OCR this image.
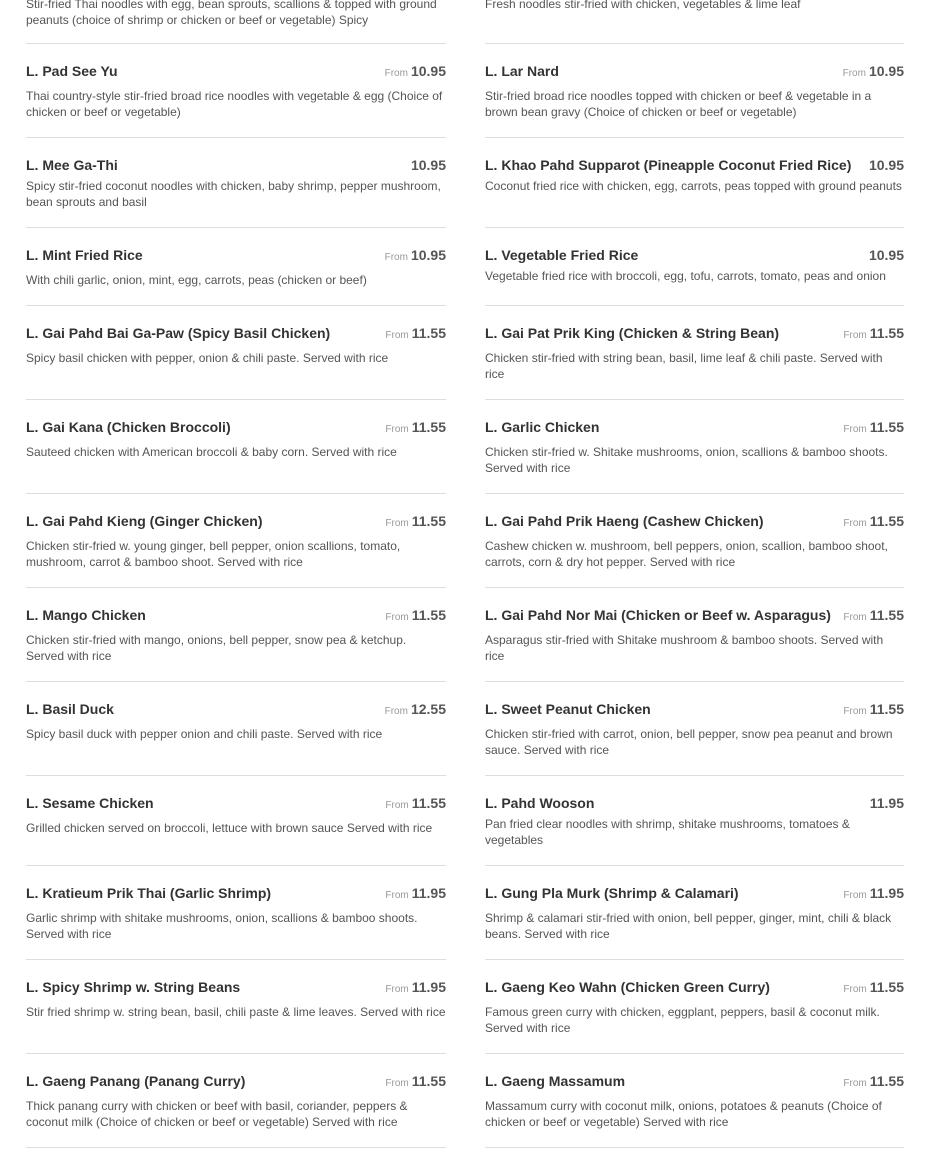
Stir-fried Thai noodles with egg, bean sprouts, scallions & topped with ground peanuts (choice of shrimp or chicken or beef or vegetable) Spicy
Fresh noodles stir-fried with chicken, vegetables & lime leaf
L. Pad See Yu	From 10.95
Thai country-style stir-fried broad rice noodles with vegetable & egg (Choice of chicken or beef or vegetable)
L. Lar Nard	From 10.95
Stir-fried broad rice noodles topped with chicken or beef & vegetable in a brown bean gravy (Choice of chicken or beef or vegetable)
L. Mee Ga-Thi	10.95
Spicy stir-fried coconut noodles with chicken, baby shrimp, pepper mushroom, bean sprouts and basil
L. Khao Pahd Supparot (Pineapple Coconut Fried Rice)	10.95
Coconut fried rice with chicken, egg, carrots, peas topped with ground peanuts
L. Mint Fried Rice	From 10.95
With chili garlic, onion, mint, egg, carrots, peas (chicken or beef)
L. Vegetable Fried Rice	10.95
Vegetable fried rice with broccoli, egg, tofu, carrots, tomato, peas and onion
L. Gai Pahd Bai Ga-Paw (Spicy Basil Chicken)	From 11.55
Spicy basil chicken with pepper, onion & chili paste. Served with rice
L. Gai Pat Prik King (Chicken & String Bean)	From 11.55
Chicken stir-fried with string bean, basil, lime leaf & chili paste. Served with rice
L. Gai Kana (Chicken Broccoli)	From 11.55
Sauteed chicken with American broccoli & baby corn. Served with rice
L. Garlic Chicken	From 11.55
Chicken stir-fried w. Shitake mushrooms, onion, scallions & bamboo shoots. Served with rice
L. Gai Pahd Kieng (Ginger Chicken)	From 11.55
Chicken stir-fried w. young ginger, bell pepper, onion scallions, tomato, mushroom, carrot & bamboo shoot. Served with rice
L. Gai Pahd Prik Haeng (Cashew Chicken)	From 11.55
Cashew chicken w. mushroom, bell peppers, onion, scallion, bamboo shoot, carrots, corn & dry hot pepper. Served with rice
L. Mango Chicken	From 11.55
Chicken stir-fried with mango, onions, bell pepper, snow pea & ketchup. Served with rice
L. Gai Pahd Nor Mai (Chicken or Beef w. Asparagus)	From 11.55
Asparagus stir-fried with Shitake mushroom & bamboo shoots. Served with rice
L. Basil Duck	From 12.55
Spicy basil duck with pepper onion and chili paste. Served with rice
L. Sweet Peanut Chicken	From 11.55
Chicken stir-fried with carrot, onion, bell pepper, snow pea peanut and brown sauce. Served with rice
L. Sesame Chicken	From 11.55
Grilled chicken served on broccoli, lettuce with brown sauce Served with rice
L. Pahd Wooson	11.95
Pan fried clear noodles with shrimp, shitake mushrooms, tomatoes & vegetables
L. Kratieum Prik Thai (Garlic Shrimp)	From 11.95
Garlic shrimp with shitake mushrooms, onion, scallions & bamboo shoots. Served with rice
L. Gung Pla Murk (Shrimp & Calamari)	From 11.95
Shrimp & calamari stir-fried with onion, bell pepper, ginger, mint, chili & black beans. Served with rice
L. Spicy Shrimp w. String Beans	From 11.95
Stir fried shrimp w. string bean, basil, chili paste & lime leaves. Served with rice
L. Gaeng Keo Wahn (Chicken Green Curry)	From 11.55
Famous green curry with chicken, eggplant, peppers, basil & coconut milk. Served with rice
L. Gaeng Panang (Panang Curry)	From 11.55
Thick panang curry with chicken or beef with basil, coriander, peppers & coconut milk (Choice of chicken or beef or vegetable) Served with rice
L. Gaeng Massamum	From 11.55
Massamum curry with coconut milk, onions, potatoes & peanuts (Choice of chicken or beef or vegetable) Served with rice
